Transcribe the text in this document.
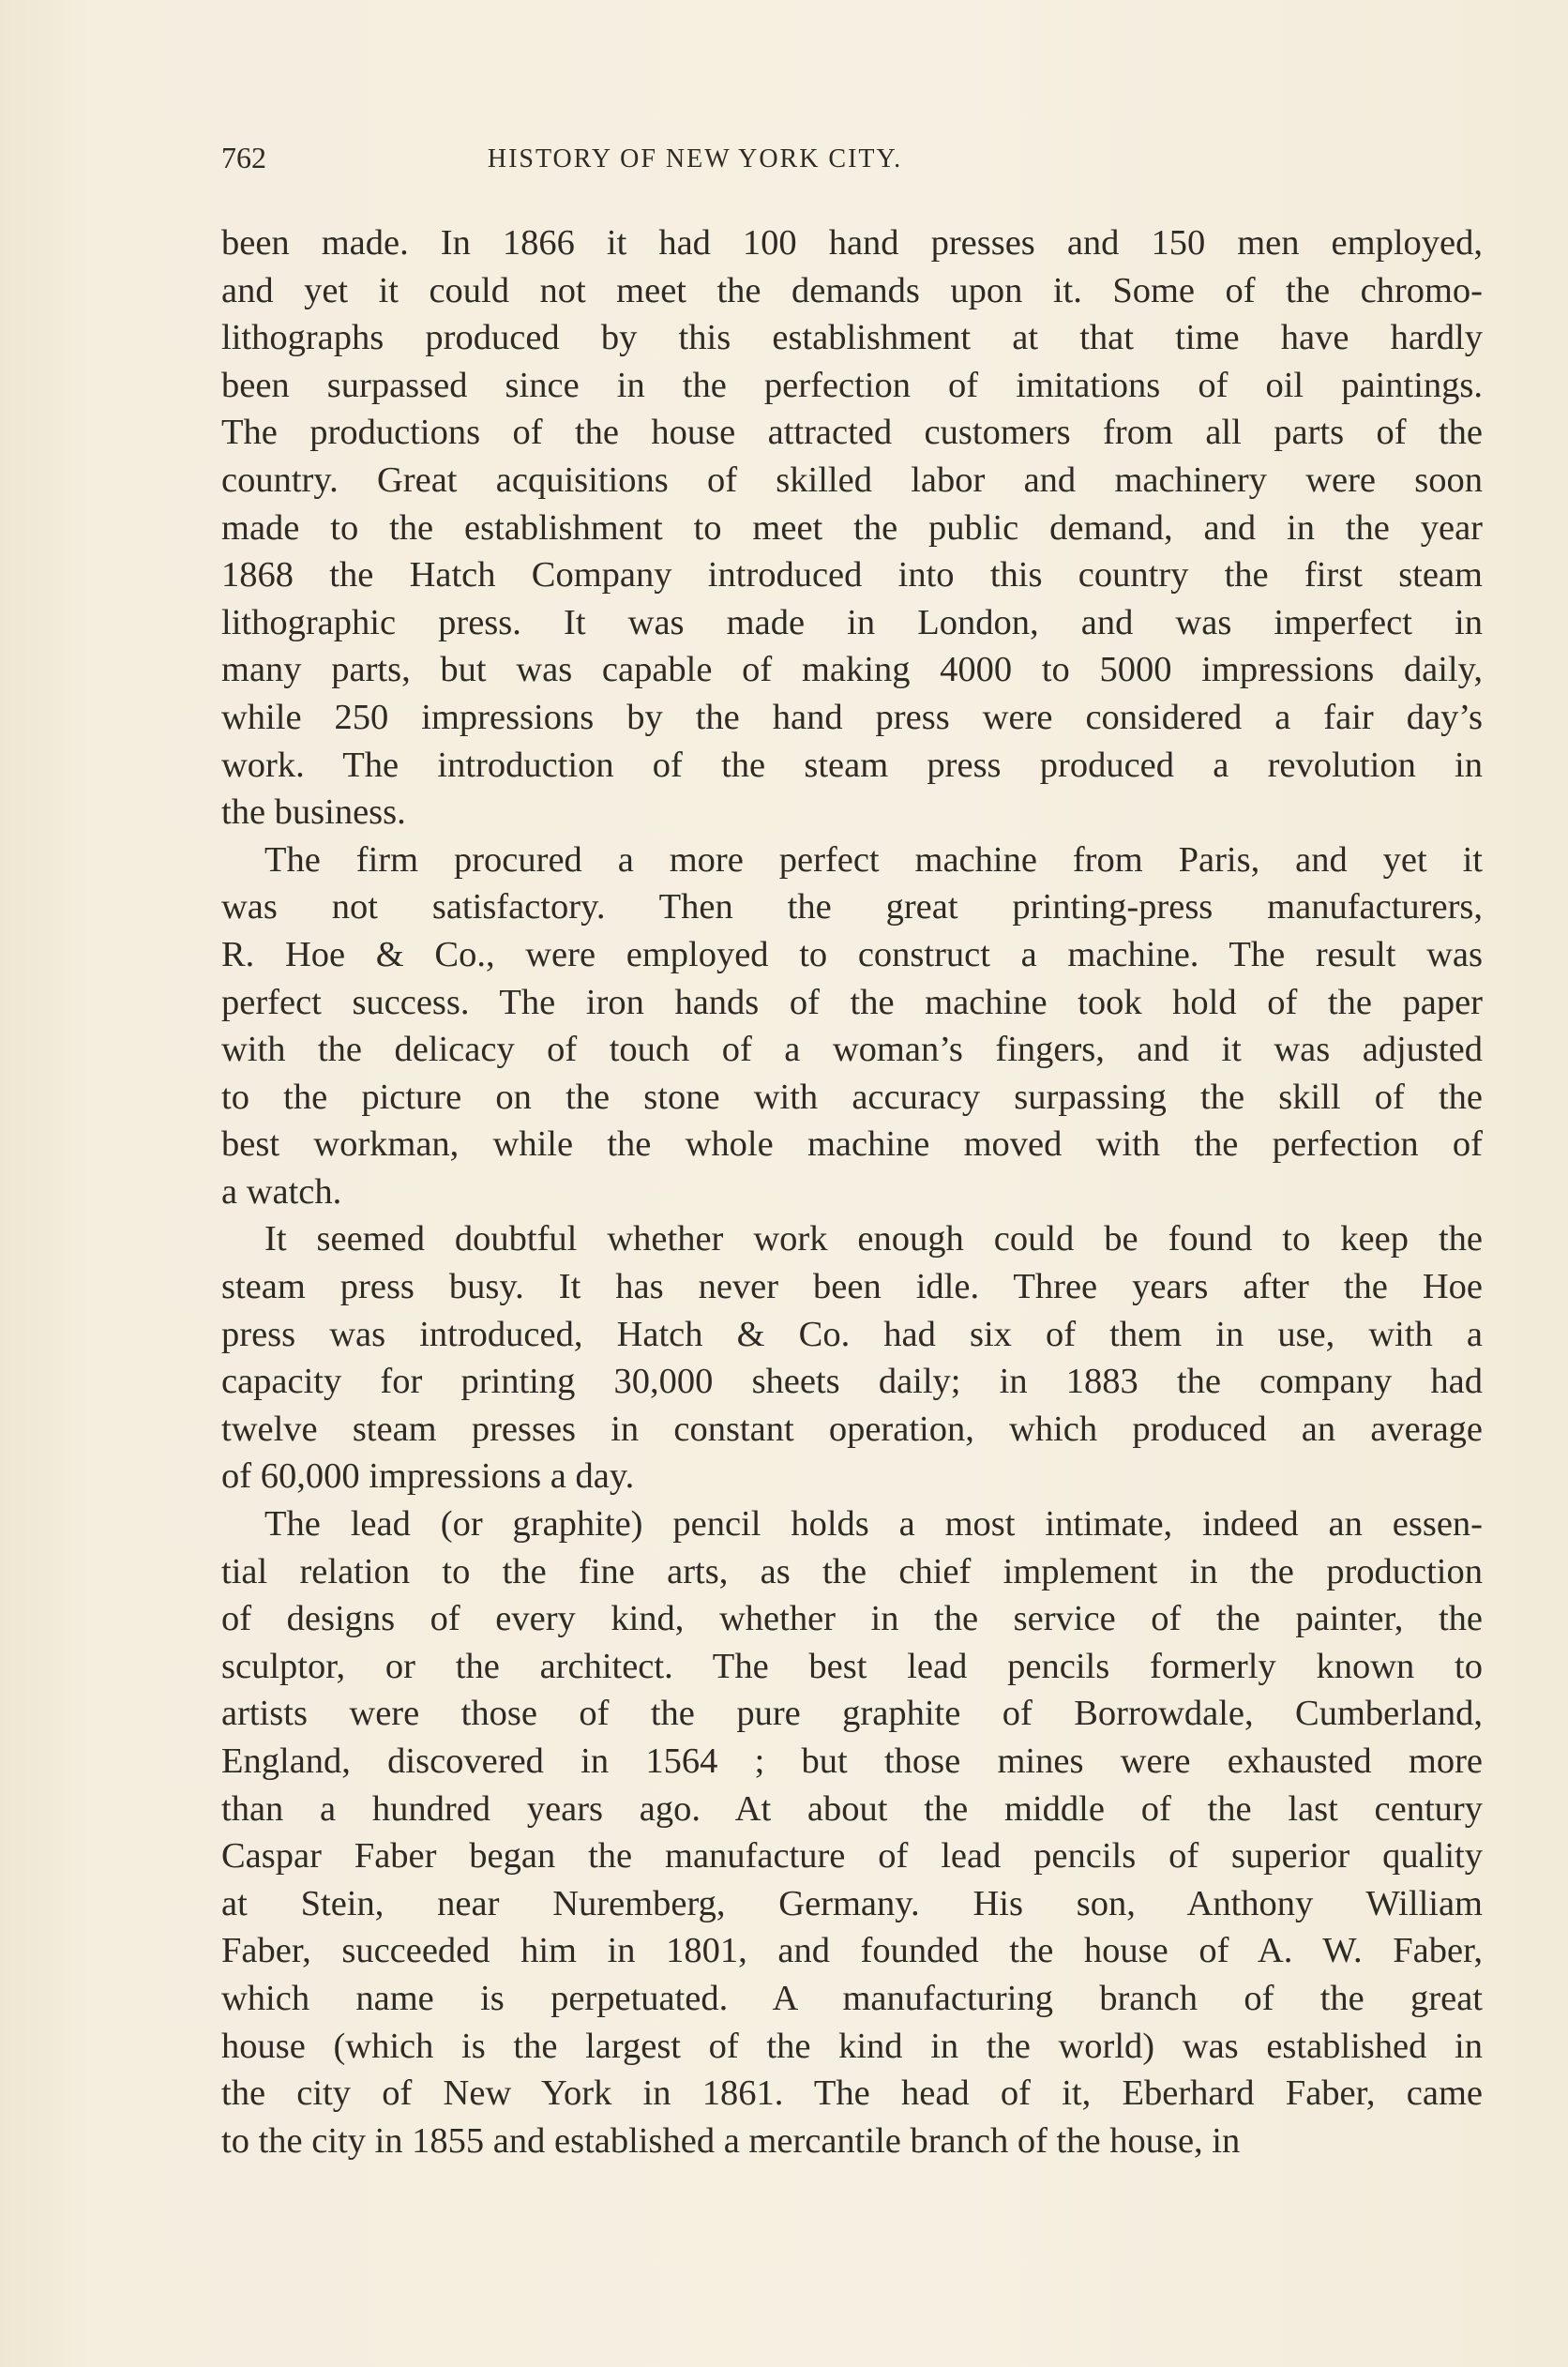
762	HISTORY OF NEW YORK CITY.
been made. In 1866 it had 100 hand presses and 150 men employed,
and yet it could not meet the demands upon it. Some of the chromo-
lithographs produced by this establishment at that time have hardly
been surpassed since in the perfection of imitations of oil paintings.
The productions of the house attracted customers from all parts of the
country. Great acquisitions of skilled labor and machinery were soon
made to the establishment to meet the public demand, and in the year
1868 the Hatch Company introduced into this country the first steam
lithographic press. It was made in London, and was imperfect in
many parts, but was capable of making 4000 to 5000 impressions daily,
while 250 impressions by the hand press were considered a fair day’s
work. The introduction of the steam press produced a revolution in
the business.
The firm procured a more perfect machine from Paris, and yet it
was not satisfactory. Then the great printing-press manufacturers,
R. Hoe & Co., were employed to construct a machine. The result was
perfect success. The iron hands of the machine took hold of the paper
with the delicacy of touch of a woman’s fingers, and it was adjusted
to the picture on the stone with accuracy surpassing the skill of the
best workman, while the whole machine moved with the perfection of
a watch.
It seemed doubtful whether work enough could be found to keep the
steam press busy. It has never been idle. Three years after the Hoe
press was introduced, Hatch & Co. had six of them in use, with a
capacity for printing 30,000 sheets daily; in 1883 the company had
twelve steam presses in constant operation, which produced an average
of 60,000 impressions a day.
The lead (or graphite) pencil holds a most intimate, indeed an essen-
tial relation to the fine arts, as the chief implement in the production
of designs of every kind, whether in the service of the painter, the
sculptor, or the architect. The best lead pencils formerly known to
artists were those of the pure graphite of Borrowdale, Cumberland,
England, discovered in 1564 ; but those mines were exhausted more
than a hundred years ago. At about the middle of the last century
Caspar Faber began the manufacture of lead pencils of superior quality
at Stein, near Nuremberg, Germany. His son, Anthony William
Faber, succeeded him in 1801, and founded the house of A. W. Faber,
which name is perpetuated. A manufacturing branch of the great
house (which is the largest of the kind in the world) was established in
the city of New York in 1861. The head of it, Eberhard Faber, came
to the city in 1855 and established a mercantile branch of the house, in
